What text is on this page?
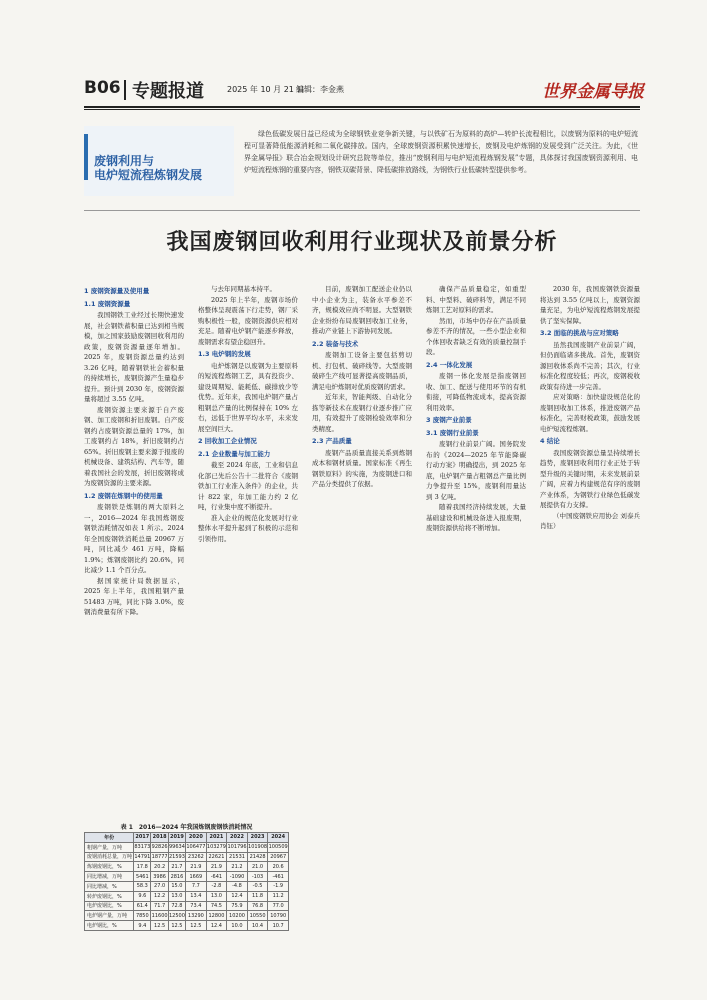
B06 专题报道	2025 年 10 月 21 日
编辑：李金燕	世界金属导报
废钢利用与
电炉短流程炼钢发展
绿色低碳发展日益已经成为全球钢铁业竞争新关键，与以铁矿石为原料的高炉—转炉长流程相比，以废钢为原料的电炉短流程可显著降低能源消耗和二氧化碳排放。国内，全球废钢资源积累快速增长，废钢及电炉炼钢的发展受到广泛关注。为此，《世界金属导报》联合冶金规划设计研究总院等单位，推出“废钢利用与电炉短流程炼钢发展”专题，具体探讨我国废钢资源利用、电炉短流程炼钢的重要内容，钢铁双碳背景、降低碳排放路线，为钢铁行业低碳转型提供参考。
我国废钢回收利用行业现状及前景分析
1 废钢资源量及使用量
1.1 废钢资源量

我国钢铁工业经过长期快速发展，社会钢铁蓄积量已达到相当规模，加之国家鼓励废钢回收利用的政策，废钢资源量逐年增加。2025 年，废钢资源总量约达到 3.26 亿吨，随着钢铁社会蓄积量的持续增长，废钢资源产生量稳步提升。预计到 2030 年，废钢资源量将超过 3.55 亿吨。

废钢资源主要来源于自产废钢、加工废钢和折旧废钢。自产废钢约占废钢资源总量的 17%，加工废钢约占 18%，折旧废钢约占 65%。折旧废钢主要来源于报废的机械设备、建筑结构、汽车等，随着我国社会的发展，折旧废钢将成为废钢资源的主要来源。

1.2 废钢在炼钢中的使用量

废钢铁是炼钢的两大原料之一，2016—2024 年我国炼钢废钢铁消耗情况如表 1 所示。2024 年全国废钢铁消耗总量 20967 万吨，同比减少 461 万吨，降幅 1.9%；炼钢废钢比约 20.6%，同比减少 1.1 个百分点。

据国家统计局数据显示，2025 年上半年，我国粗钢产量 51483 万吨，同比下降 3.0%，废钢消费量有所下降。

与去年同期基本持平。

2025 年上半年，废钢市场价格整体呈现震荡下行走势，钢厂采购积极性一般，废钢资源供应相对充足。随着电炉钢产能逐步释放，废钢需求有望企稳回升。

1.3 电炉钢的发展

电炉炼钢是以废钢为主要原料的短流程炼钢工艺，具有投资少、建设周期短、能耗低、碳排放少等优势。近年来，我国电炉钢产量占粗钢总产量的比例保持在 10% 左右，远低于世界平均水平，未来发展空间巨大。

2 回收加工企业情况
2.1 企业数量与加工能力

截至 2024 年底，工业和信息化部已先后公告十二批符合《废钢铁加工行业准入条件》的企业，共计 822 家，年加工能力约 2 亿吨，行业集中度不断提升。

准入企业的规范化发展对行业整体水平提升起到了积极的示范和引领作用。

目前，废钢加工配送企业仍以中小企业为主，装备水平参差不齐，规模效应尚不明显。大型钢铁企业纷纷布局废钢回收加工业务，推动产业链上下游协同发展。

2.2 装备与技术

废钢加工设备主要包括剪切机、打包机、破碎线等。大型废钢破碎生产线可显著提高废钢品质，满足电炉炼钢对优质废钢的需求。

近年来，智能判级、自动化分拣等新技术在废钢行业逐步推广应用，有效提升了废钢检验效率和分类精度。

2.3 产品质量

废钢产品质量直接关系到炼钢成本和钢材质量。国家标准《再生钢铁原料》的实施，为废钢进口和产品分类提供了依据。

确保产品质量稳定，如重型料、中型料、破碎料等，满足不同炼钢工艺对原料的需求。

然而，市场中仍存在产品质量参差不齐的情况，一些小型企业和个体回收者缺乏有效的质量控制手段。

2.4 一体化发展

废钢一体化发展是指废钢回收、加工、配送与使用环节的有机衔接，可降低物流成本，提高资源利用效率。

3 废钢产业前景
3.1 废钢行业前景

废钢行业前景广阔。国务院发布的《2024—2025 年节能降碳行动方案》明确提出，到 2025 年底，电炉钢产量占粗钢总产量比例力争提升至 15%，废钢利用量达到 3 亿吨。

随着我国经济持续发展，大量基础建设和机械设备进入报废期，废钢资源供给将不断增加。

2030 年，我国废钢铁资源量将达到 3.55 亿吨以上，废钢资源量充足，为电炉短流程炼钢发展提供了坚实保障。

3.2 面临的挑战与应对策略

虽然我国废钢产业前景广阔，但仍面临诸多挑战。首先，废钢资源回收体系尚不完善；其次，行业标准化程度较低；再次，废钢税收政策有待进一步完善。

应对策略：加快建设规范化的废钢回收加工体系，推进废钢产品标准化，完善财税政策，鼓励发展电炉短流程炼钢。

4 结论

我国废钢资源总量呈持续增长趋势，废钢回收利用行业正处于转型升级的关键时期，未来发展前景广阔，应着力构建规范有序的废钢产业体系，为钢铁行业绿色低碳发展提供有力支撑。

（中国废钢铁应用协会 刘泰兵 肖钰）

表 1　2016—2024 年我国炼钢废钢铁消耗情况
年份	2017	2018	2019	2020	2021	2022	2023	2024
粗钢产量，万吨	83173	92826	99634	106477	103279	101796	101908	100509
废钢消耗总量，万吨	14791	18777	21593	23262	22621	21531	21428	20967
炼钢废钢比，%	17.8	20.2	21.7	21.9	21.9	21.2	21.0	20.6
同比增减，万吨	5461	3986	2816	1669	-641	-1090	-103	-461
同比增减，%	58.3	27.0	15.0	7.7	-2.8	-4.8	-0.5	-1.9
转炉废钢比，%	9.6	12.2	13.0	13.4	13.0	12.4	11.8	11.2
电炉废钢比，%	61.4	71.7	72.8	73.4	74.5	75.9	76.8	77.0
电炉钢产量，万吨	7850	11600	12500	13290	12800	10200	10550	10790
电炉钢比，%	9.4	12.5	12.5	12.5	12.4	10.0	10.4	10.7
